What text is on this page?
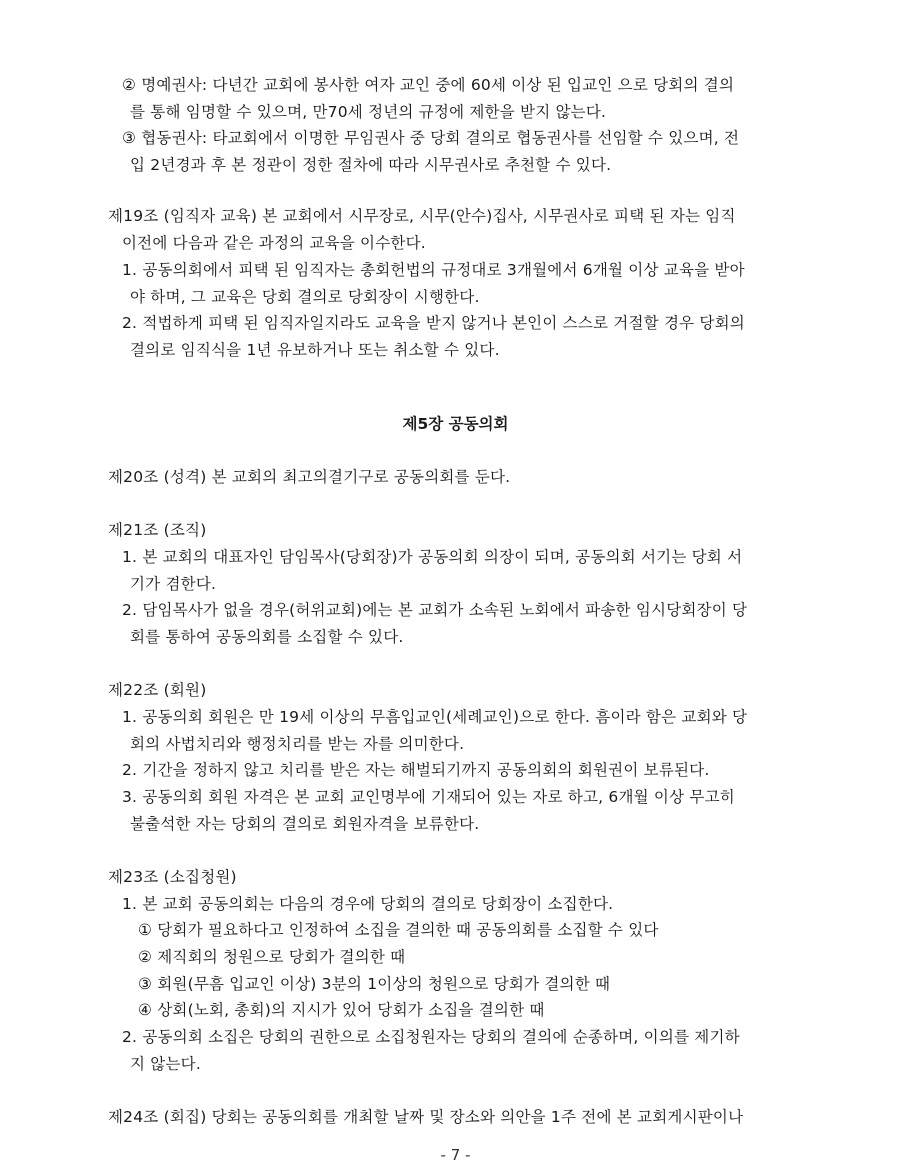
② 명예권사: 다년간 교회에 봉사한 여자 교인 중에 60세 이상 된 입교인 으로 당회의 결의
를 통해 임명할 수 있으며, 만70세 정년의 규정에 제한을 받지 않는다.
③ 협동권사: 타교회에서 이명한 무임권사 중 당회 결의로 협동권사를 선임할 수 있으며, 전
입 2년경과 후 본 정관이 정한 절차에 따라 시무권사로 추천할 수 있다.
제19조 (임직자 교육) 본 교회에서 시무장로, 시무(안수)집사, 시무권사로 피택 된 자는 임직
이전에 다음과 같은 과정의 교육을 이수한다.
1. 공동의회에서 피택 된 임직자는 총회헌법의 규정대로 3개월에서 6개월 이상 교육을 받아
야 하며, 그 교육은 당회 결의로 당회장이 시행한다.
2. 적법하게 피택 된 임직자일지라도 교육을 받지 않거나 본인이 스스로 거절할 경우 당회의
결의로 임직식을 1년 유보하거나 또는 취소할 수 있다.
제5장 공동의회
제20조 (성격) 본 교회의 최고의결기구로 공동의회를 둔다.
제21조 (조직)
1. 본 교회의 대표자인 담임목사(당회장)가 공동의회 의장이 되며, 공동의회 서기는 당회 서
기가 겸한다.
2. 담임목사가 없을 경우(허위교회)에는 본 교회가 소속된 노회에서 파송한 임시당회장이 당
회를 통하여 공동의회를 소집할 수 있다.
제22조 (회원)
1. 공동의회 회원은 만 19세 이상의 무흠입교인(세례교인)으로 한다. 흠이라 함은 교회와 당
회의 사법치리와 행정치리를 받는 자를 의미한다.
2. 기간을 정하지 않고 치리를 받은 자는 해벌되기까지 공동의회의 회원권이 보류된다.
3. 공동의회 회원 자격은 본 교회 교인명부에 기재되어 있는 자로 하고, 6개월 이상 무고히
불출석한 자는 당회의 결의로 회원자격을 보류한다.
제23조 (소집청원)
1. 본 교회 공동의회는 다음의 경우에 당회의 결의로 당회장이 소집한다.
① 당회가 필요하다고 인정하여 소집을 결의한 때 공동의회를 소집할 수 있다
② 제직회의 청원으로 당회가 결의한 때
③ 회원(무흠 입교인 이상) 3분의 1이상의 청원으로 당회가 결의한 때
④ 상회(노회, 총회)의 지시가 있어 당회가 소집을 결의한 때
2. 공동의회 소집은 당회의 권한으로 소집청원자는 당회의 결의에 순종하며, 이의를 제기하
지 않는다.
제24조 (회집) 당회는 공동의회를 개최할 날짜 및 장소와 의안을 1주 전에 본 교회게시판이나
- 7 -
